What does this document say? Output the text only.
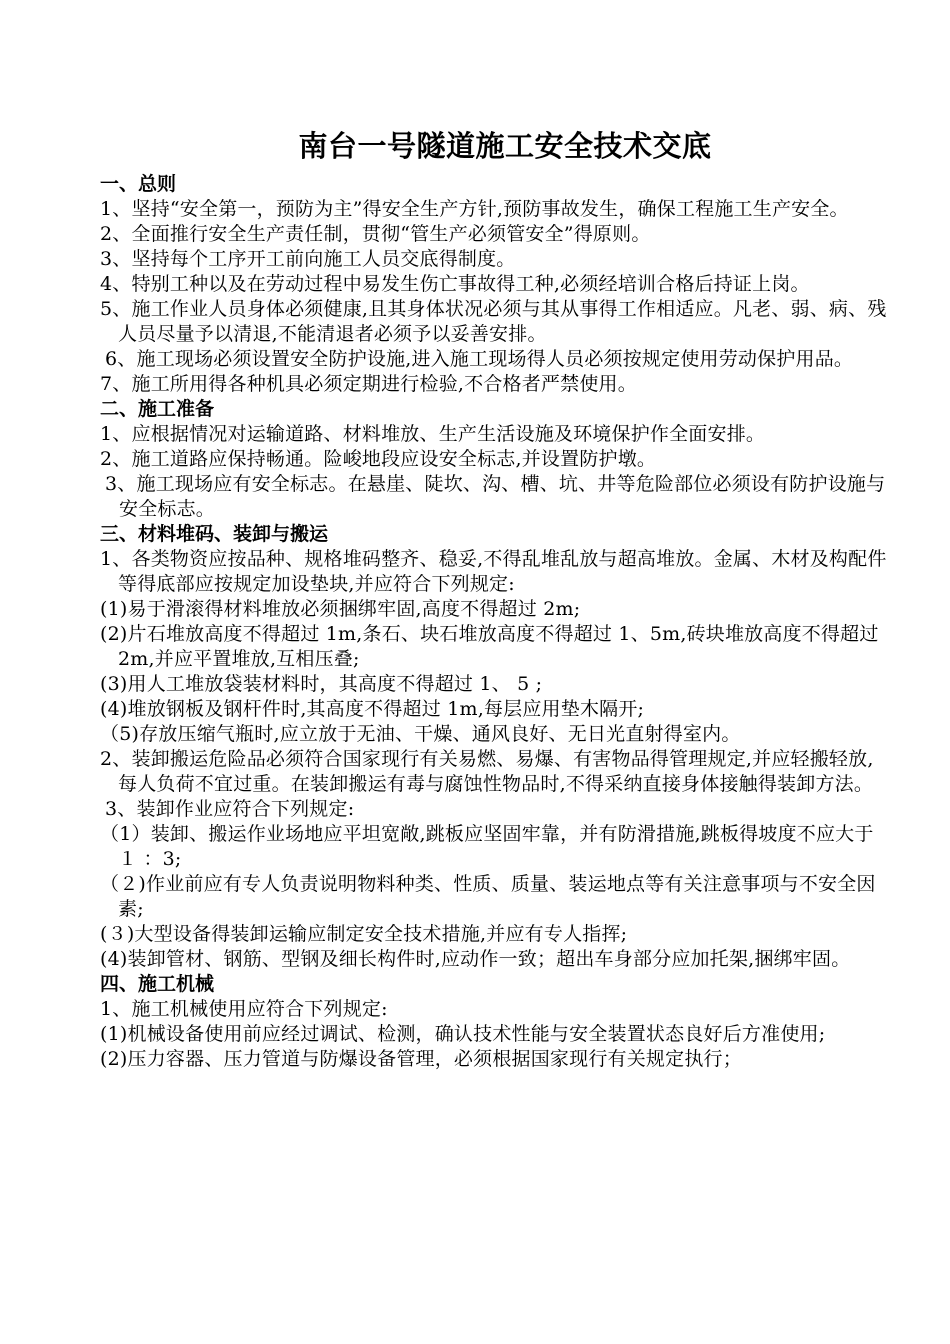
南台一号隧道施工安全技术交底
一、总则

1、坚持“安全第一，预防为主”得安全生产方针,预防事故发生，确保工程施工生产安全。

2、全面推行安全生产责任制，贯彻“管生产必须管安全”得原则。

3、坚持每个工序开工前向施工人员交底得制度。

4、特别工种以及在劳动过程中易发生伤亡事故得工种,必须经培训合格后持证上岗。

5、施工作业人员身体必须健康,且其身体状况必须与其从事得工作相适应。凡老、弱、病、残人员尽量予以清退,不能清退者必须予以妥善安排。

6、施工现场必须设置安全防护设施,进入施工现场得人员必须按规定使用劳动保护用品。

7、施工所用得各种机具必须定期进行检验,不合格者严禁使用。

二、施工准备

1、应根据情况对运输道路、材料堆放、生产生活设施及环境保护作全面安排。

2、施工道路应保持畅通。险峻地段应设安全标志,并设置防护墩。

3、施工现场应有安全标志。在悬崖、陡坎、沟、槽、坑、井等危险部位必须设有防护设施与安全标志。

三、材料堆码、装卸与搬运

1、各类物资应按品种、规格堆码整齐、稳妥,不得乱堆乱放与超高堆放。金属、木材及构配件等得底部应按规定加设垫块,并应符合下列规定:

(1)易于滑滚得材料堆放必须捆绑牢固,高度不得超过 2m;

(2)片石堆放高度不得超过 1m,条石、块石堆放高度不得超过 1、5m,砖块堆放高度不得超过 2m,并应平置堆放,互相压叠;

(3)用人工堆放袋装材料时，其高度不得超过 1、 5 ;

(4)堆放钢板及钢杆件时,其高度不得超过 1m,每层应用垫木隔开;

（5)存放压缩气瓶时,应立放于无油、干燥、通风良好、无日光直射得室内。

2、装卸搬运危险品必须符合国家现行有关易燃、易爆、有害物品得管理规定,并应轻搬轻放,每人负荷不宜过重。在装卸搬运有毒与腐蚀性物品时,不得采纳直接身体接触得装卸方法。

3、装卸作业应符合下列规定:

（1）装卸、搬运作业场地应平坦宽敞,跳板应坚固牢靠，并有防滑措施,跳板得坡度不应大于１ ：3;

（２)作业前应有专人负责说明物料种类、性质、质量、装运地点等有关注意事项与不安全因素;

(３)大型设备得装卸运输应制定安全技术措施,并应有专人指挥;

(4)装卸管材、钢筋、型钢及细长构件时,应动作一致；超出车身部分应加托架,捆绑牢固。

四、施工机械

1、施工机械使用应符合下列规定:

(1)机械设备使用前应经过调试、检测，确认技术性能与安全装置状态良好后方准使用;

(2)压力容器、压力管道与防爆设备管理，必须根据国家现行有关规定执行；
